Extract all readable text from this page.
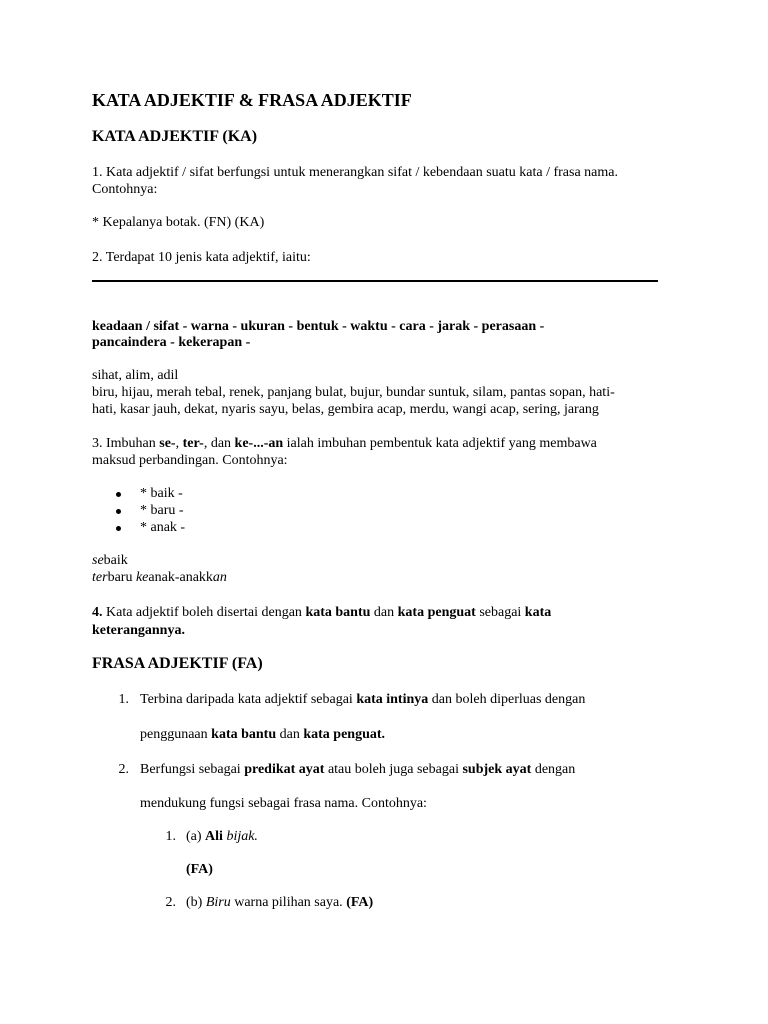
KATA ADJEKTIF & FRASA ADJEKTIF
KATA ADJEKTIF (KA)
1. Kata adjektif / sifat berfungsi untuk menerangkan sifat / kebendaan suatu kata / frasa nama.
Contohnya:
* Kepalanya botak. (FN) (KA)
2. Terdapat 10 jenis kata adjektif, iaitu:
keadaan / sifat - warna - ukuran - bentuk - waktu - cara - jarak - perasaan -
pancaindera - kekerapan -
sihat, alim, adil
biru, hijau, merah tebal, renek, panjang bulat, bujur, bundar suntuk, silam, pantas sopan, hati-
hati, kasar jauh, dekat, nyaris sayu, belas, gembira acap, merdu, wangi acap, sering, jarang
3. Imbuhan se-, ter-, dan ke-...-an ialah imbuhan pembentuk kata adjektif yang membawa
maksud perbandingan. Contohnya:
* baik -
* baru -
* anak -
sebaik
terbaru keanak-anakkan
4. Kata adjektif boleh disertai dengan kata bantu dan kata penguat sebagai kata
keterangannya.
FRASA ADJEKTIF (FA)
1. Terbina daripada kata adjektif sebagai kata intinya dan boleh diperluas dengan
penggunaan kata bantu dan kata penguat.
2. Berfungsi sebagai predikat ayat atau boleh juga sebagai subjek ayat dengan
mendukung fungsi sebagai frasa nama. Contohnya:
1. (a) Ali bijak.
(FA)
2. (b) Biru warna pilihan saya. (FA)
